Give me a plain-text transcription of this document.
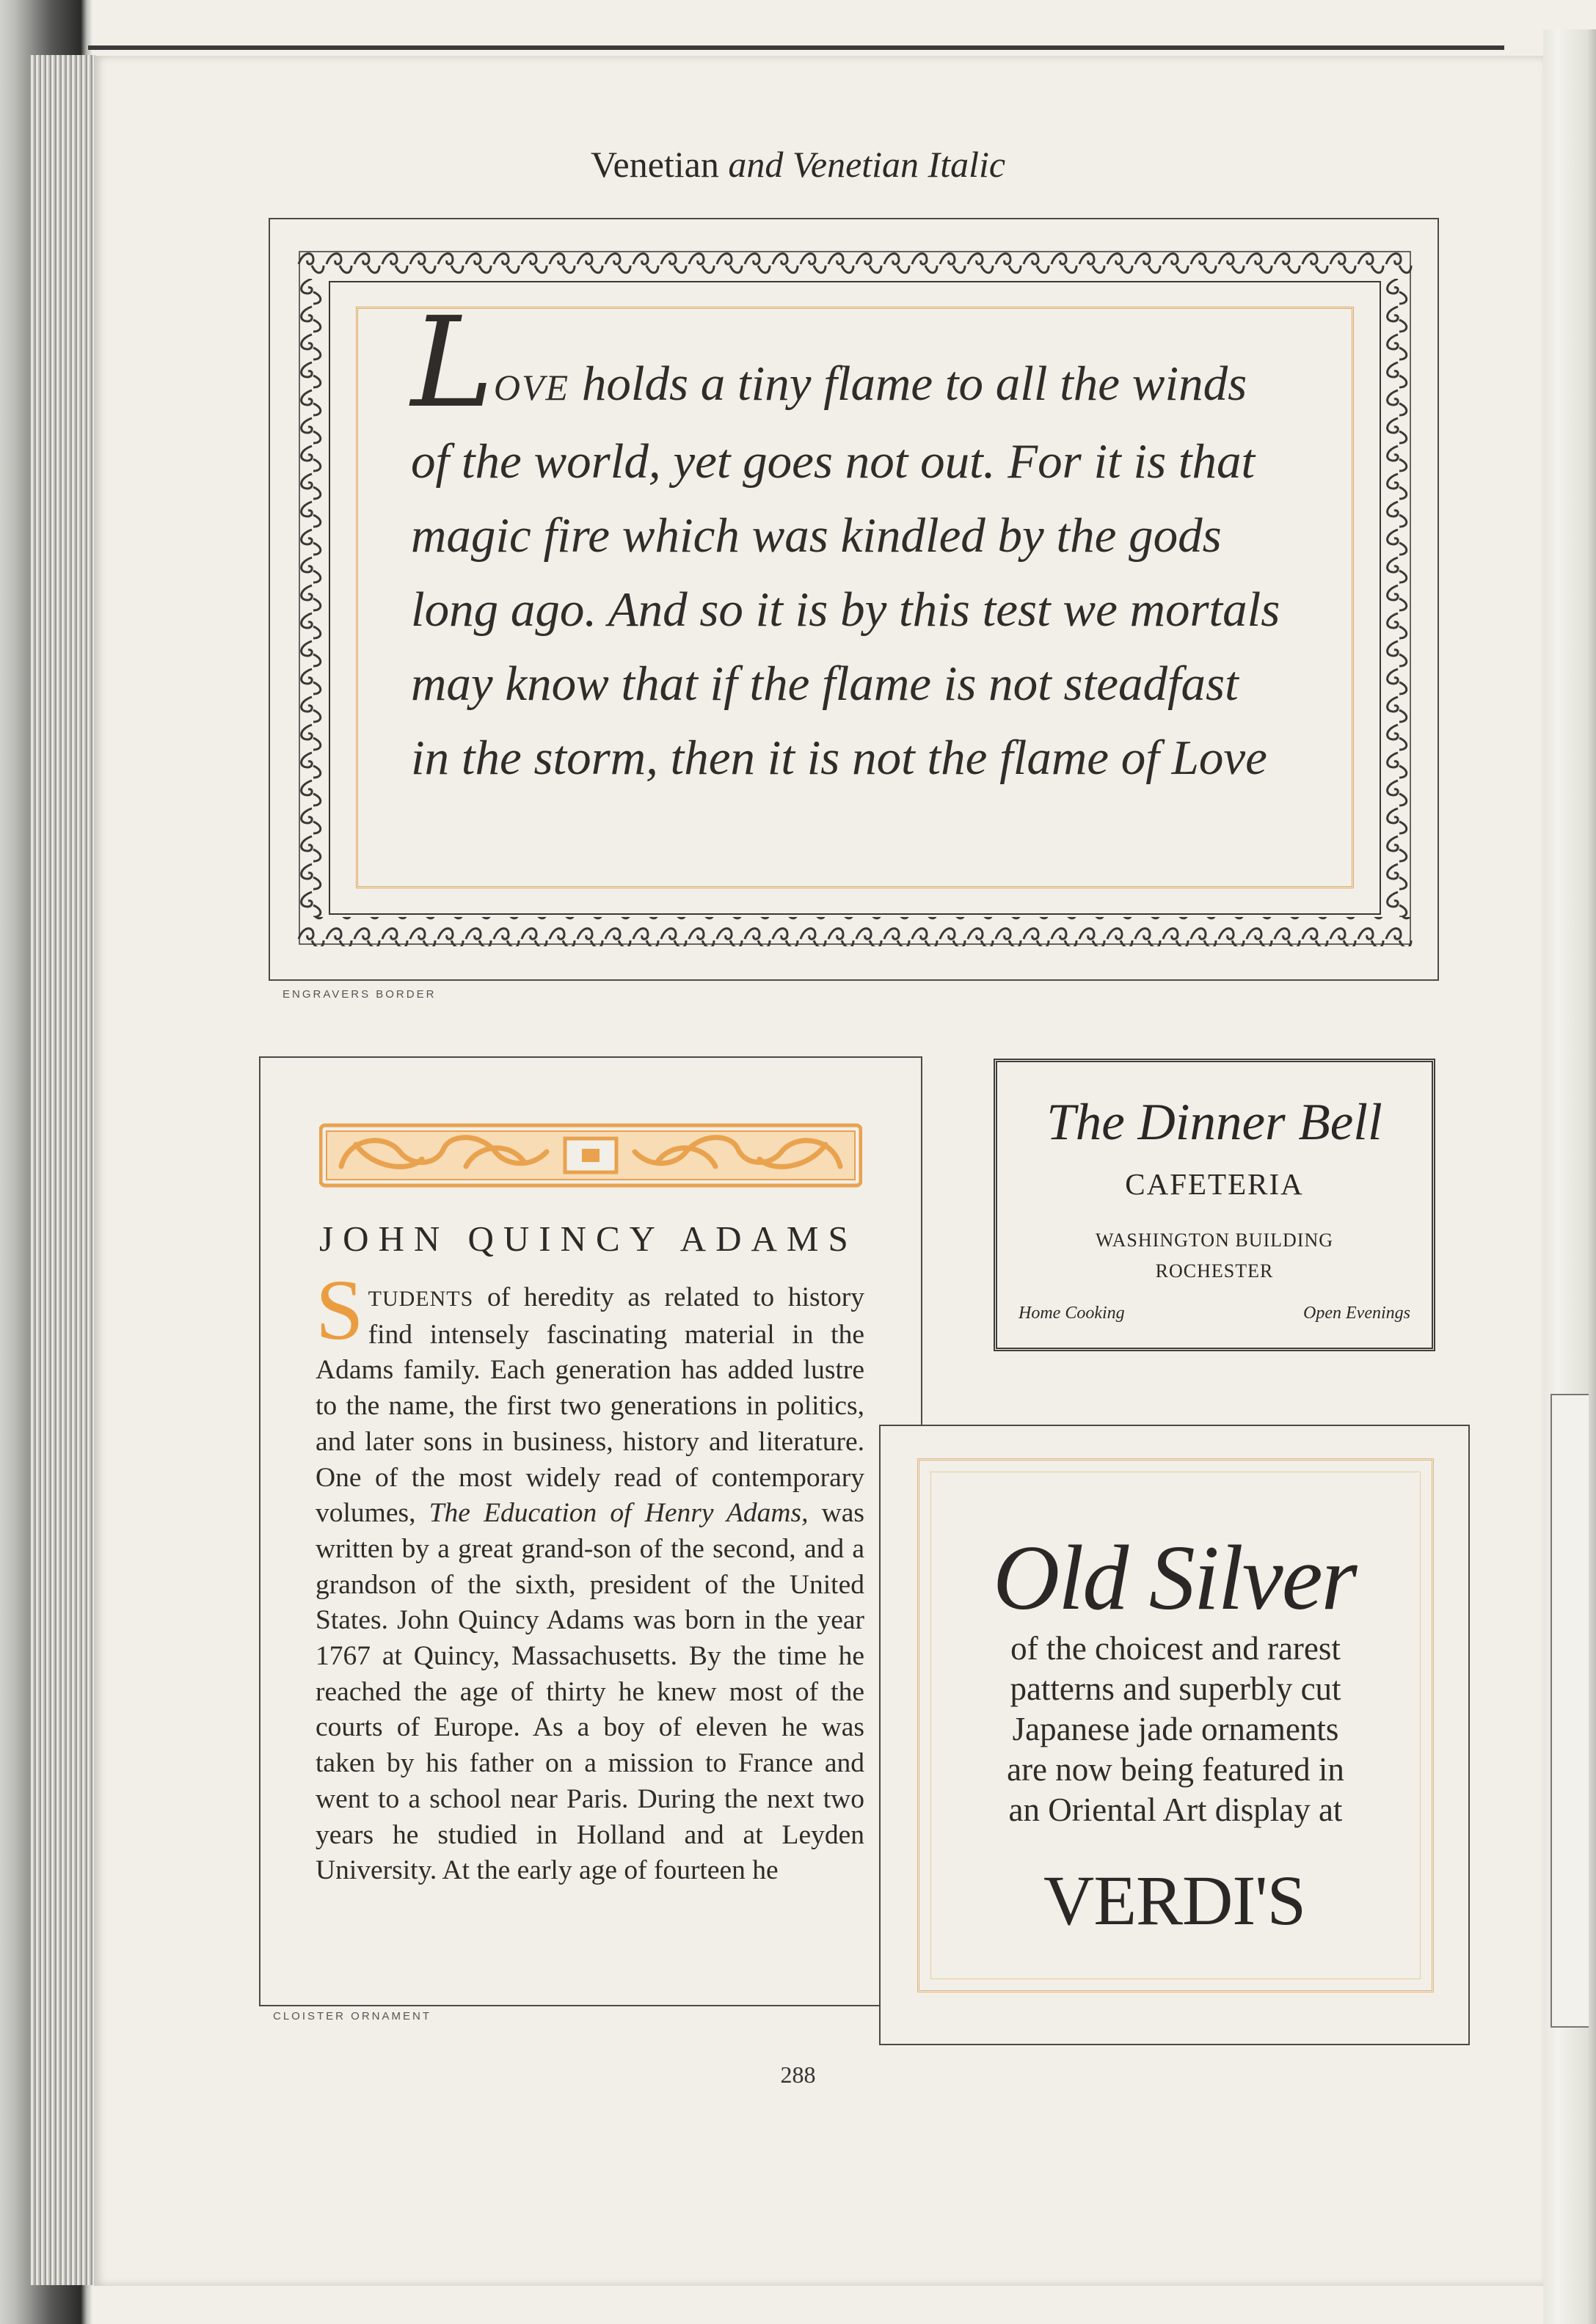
Venetian and Venetian Italic
LOVE holds a tiny flame to all the winds
of the world, yet goes not out. For it is that
magic fire which was kindled by the gods
long ago. And so it is by this test we mortals
may know that if the flame is not steadfast
in the storm, then it is not the flame of Love
ENGRAVERS BORDER
JOHN QUINCY ADAMS
STUDENTS of heredity as related to history find intensely fascinating material in the Adams family. Each generation has added lustre to the name, the first two generations in politics, and later sons in business, history and literature. One of the most widely read of contemporary volumes, The Education of Henry Adams, was written by a great grand-son of the second, and a grandson of the sixth, president of the United States. John Quincy Adams was born in the year 1767 at Quincy, Massachusetts. By the time he reached the age of thirty he knew most of the courts of Europe. As a boy of eleven he was taken by his father on a mission to France and went to a school near Paris. During the next two years he studied in Holland and at Leyden University. At the early age of fourteen he
CLOISTER ORNAMENT
The Dinner Bell
CAFETERIA
WASHINGTON BUILDING
ROCHESTER
Home Cooking	Open Evenings
Old Silver
of the choicest and rarest
patterns and superbly cut
Japanese jade ornaments
are now being featured in
an Oriental Art display at
VERDI'S
288
